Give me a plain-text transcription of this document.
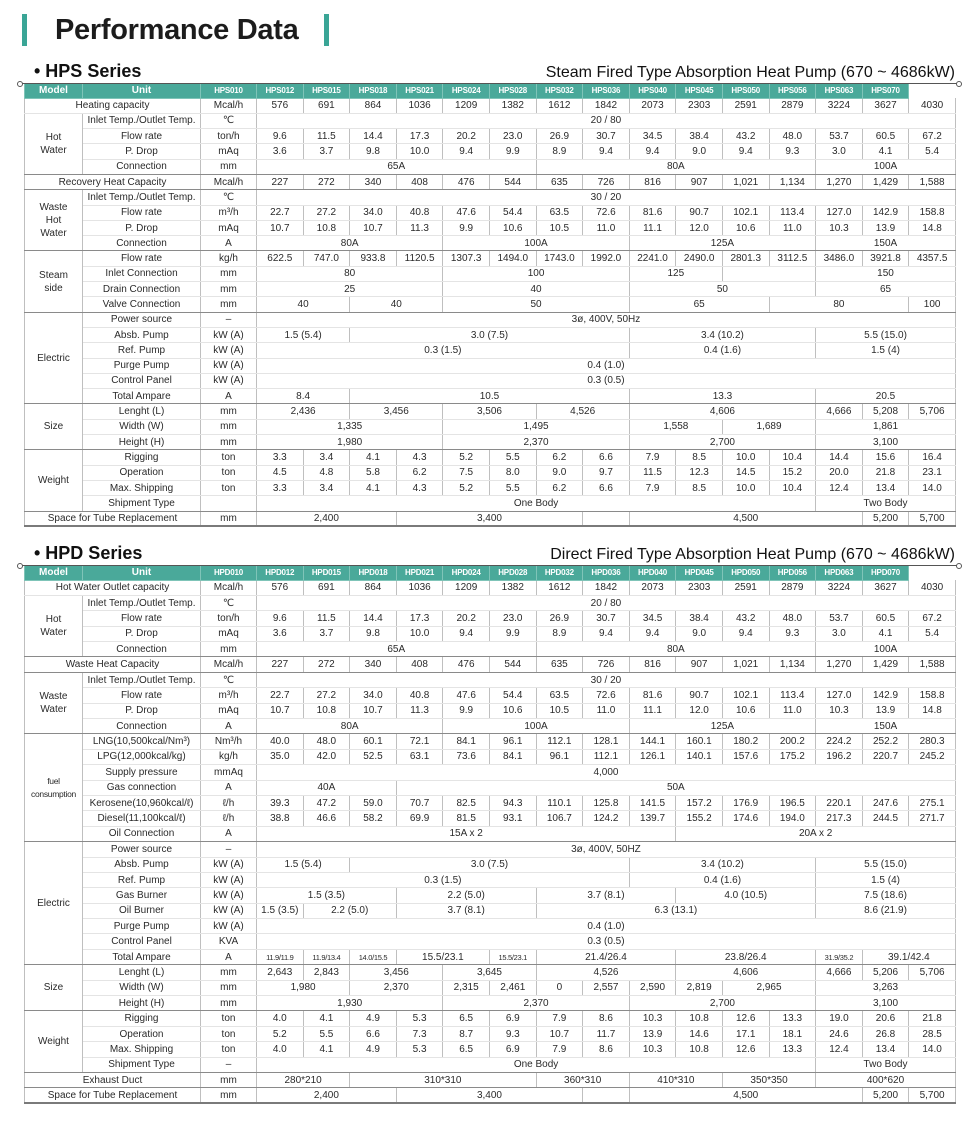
Performance Data
• HPS Series	Steam Fired Type Absorption Heat Pump (670 ~ 4686kW)
Model	Unit	HPS010	HPS012	HPS015	HPS018	HPS021	HPS024	HPS028	HPS032	HPS036	HPS040	HPS045	HPS050	HPS056	HPS063	HPS070	
Heating capacity		Mcal/h	576	691	864	1036	1209	1382	1612	1842	2073	2303	2591	2879	3224	3627	4030
Hot
Water	Inlet Temp./Outlet Temp.	℃	20 / 80														
	Flow rate	ton/h	9.6	11.5	14.4	17.3	20.2	23.0	26.9	30.7	34.5	38.4	43.2	48.0	53.7	60.5	67.2
	P. Drop	mAq	3.6	3.7	9.8	10.0	9.4	9.9	8.9	9.4	9.4	9.0	9.4	9.3	3.0	4.1	5.4
	Connection	mm	65A						80A						100A		
Recovery Heat Capacity		Mcal/h	227	272	340	408	476	544	635	726	816	907	1,021	1,134	1,270	1,429	1,588
Waste
Hot
Water	Inlet Temp./Outlet Temp.	℃	30 / 20														
	Flow rate	m³/h	22.7	27.2	34.0	40.8	47.6	54.4	63.5	72.6	81.6	90.7	102.1	113.4	127.0	142.9	158.8
	P. Drop	mAq	10.7	10.8	10.7	11.3	9.9	10.6	10.5	11.0	11.1	12.0	10.6	11.0	10.3	13.9	14.8
	Connection	A	80A				100A				125A				150A		
Steam
side	Flow rate	kg/h	622.5	747.0	933.8	1120.5	1307.3	1494.0	1743.0	1992.0	2241.0	2490.0	2801.3	3112.5	3486.0	3921.8	4357.5
	Inlet Connection	mm	80				100				125				150		
	Drain Connection	mm	25				40				50				65		
	Valve Connection	mm	40		40		50				65			80			100
Electric	Power source	–	3ø, 400V, 50Hz														
	Absb. Pump	kW (A)	1.5 (5.4)		3.0 (7.5)						3.4 (10.2)				5.5 (15.0)		
	Ref. Pump	kW (A)	0.3 (1.5)								0.4 (1.6)				1.5 (4)		
	Purge Pump	kW (A)	0.4 (1.0)														
	Control Panel	kW (A)	0.3 (0.5)														
	Total Ampare	A	8.4		10.5						13.3				20.5		
Size	Lenght (L)	mm	2,436		3,456		3,506		4,526		4,606				4,666	5,208	5,706
	Width (W)	mm	1,335				1,495				1,558		1,689		1,861		
	Height (H)	mm	1,980				2,370				2,700				3,100		
Weight	Rigging	ton	3.3	3.4	4.1	4.3	5.2	5.5	6.2	6.6	7.9	8.5	10.0	10.4	14.4	15.6	16.4
	Operation	ton	4.5	4.8	5.8	6.2	7.5	8.0	9.0	9.7	11.5	12.3	14.5	15.2	20.0	21.8	23.1
	Max. Shipping	ton	3.3	3.4	4.1	4.3	5.2	5.5	6.2	6.6	7.9	8.5	10.0	10.4	12.4	13.4	14.0
	Shipment Type		One Body												Two Body		
Space for Tube Replacement		mm	2,400			3,400					4,500					5,200	5,700
• HPD Series	Direct Fired Type Absorption Heat Pump (670 ~ 4686kW)
Model	Unit	HPD010	HPD012	HPD015	HPD018	HPD021	HPD024	HPD028	HPD032	HPD036	HPD040	HPD045	HPD050	HPD056	HPD063	HPD070	
Hot Water Outlet capacity		Mcal/h	576	691	864	1036	1209	1382	1612	1842	2073	2303	2591	2879	3224	3627	4030
Hot
Water	Inlet Temp./Outlet Temp.	℃	20 / 80														
	Flow rate	ton/h	9.6	11.5	14.4	17.3	20.2	23.0	26.9	30.7	34.5	38.4	43.2	48.0	53.7	60.5	67.2
	P. Drop	mAq	3.6	3.7	9.8	10.0	9.4	9.9	8.9	9.4	9.4	9.0	9.4	9.3	3.0	4.1	5.4
	Connection	mm	65A						80A						100A		
Waste Heat Capacity		Mcal/h	227	272	340	408	476	544	635	726	816	907	1,021	1,134	1,270	1,429	1,588
Waste
Water	Inlet Temp./Outlet Temp.	℃	30 / 20														
	Flow rate	m³/h	22.7	27.2	34.0	40.8	47.6	54.4	63.5	72.6	81.6	90.7	102.1	113.4	127.0	142.9	158.8
	P. Drop	mAq	10.7	10.8	10.7	11.3	9.9	10.6	10.5	11.0	11.1	12.0	10.6	11.0	10.3	13.9	14.8
	Connection	A	80A				100A				125A				150A		
fuel
consumption	LNG(10,500kcal/Nm³)	Nm³/h	40.0	48.0	60.1	72.1	84.1	96.1	112.1	128.1	144.1	160.1	180.2	200.2	224.2	252.2	280.3
	LPG(12,000kcal/kg)	kg/h	35.0	42.0	52.5	63.1	73.6	84.1	96.1	112.1	126.1	140.1	157.6	175.2	196.2	220.7	245.2
	Supply pressure	mmAq	4,000														
	Gas connection	A	40A			50A											
	Kerosene(10,960kcal/ℓ)	ℓ/h	39.3	47.2	59.0	70.7	82.5	94.3	110.1	125.8	141.5	157.2	176.9	196.5	220.1	247.6	275.1
	Diesel(11,100kcal/ℓ)	ℓ/h	38.8	46.6	58.2	69.9	81.5	93.1	106.7	124.2	139.7	155.2	174.6	194.0	217.3	244.5	271.7
	Oil Connection	A	15A x 2									20A x 2					
Electric	Power source	–	3ø, 400V, 50HZ														
	Absb. Pump	kW (A)	1.5 (5.4)		3.0 (7.5)						3.4 (10.2)				5.5 (15.0)		
	Ref. Pump	kW (A)	0.3 (1.5)								0.4 (1.6)				1.5 (4)		
	Gas Burner	kW (A)	1.5 (3.5)			2.2 (5.0)			3.7 (8.1)			4.0 (10.5)			7.5 (18.6)		
	Oil Burner	kW (A)	1.5 (3.5)	2.2 (5.0)		3.7 (8.1)			6.3 (13.1)						8.6 (21.9)		
	Purge Pump	kW (A)	0.4 (1.0)														
	Control Panel	KVA	0.3 (0.5)														
	Total Ampare	A	11.9/11.9	11.9/13.4	14.0/15.5	15.5/23.1		15.5/23.1	21.4/26.4			23.8/26.4			31.9/35.2	39.1/42.4	
Size	Lenght (L)	mm	2,643	2,843	3,456		3,645		4,526			4,606			4,666	5,206	5,706
	Width (W)	mm	1,980		2,370		2,315	2,461	0	2,557	2,590	2,819	2,965		3,263		
	Height (H)	mm	1,930				2,370				2,700				3,100		
Weight	Rigging	ton	4.0	4.1	4.9	5.3	6.5	6.9	7.9	8.6	10.3	10.8	12.6	13.3	19.0	20.6	21.8
	Operation	ton	5.2	5.5	6.6	7.3	8.7	9.3	10.7	11.7	13.9	14.6	17.1	18.1	24.6	26.8	28.5
	Max. Shipping	ton	4.0	4.1	4.9	5.3	6.5	6.9	7.9	8.6	10.3	10.8	12.6	13.3	12.4	13.4	14.0
	Shipment Type	–	One Body												Two Body		
Exhaust Duct		mm	280*210		310*310				360*310		410*310		350*350		400*620		
Space for Tube Replacement		mm	2,400			3,400					4,500					5,200	5,700
